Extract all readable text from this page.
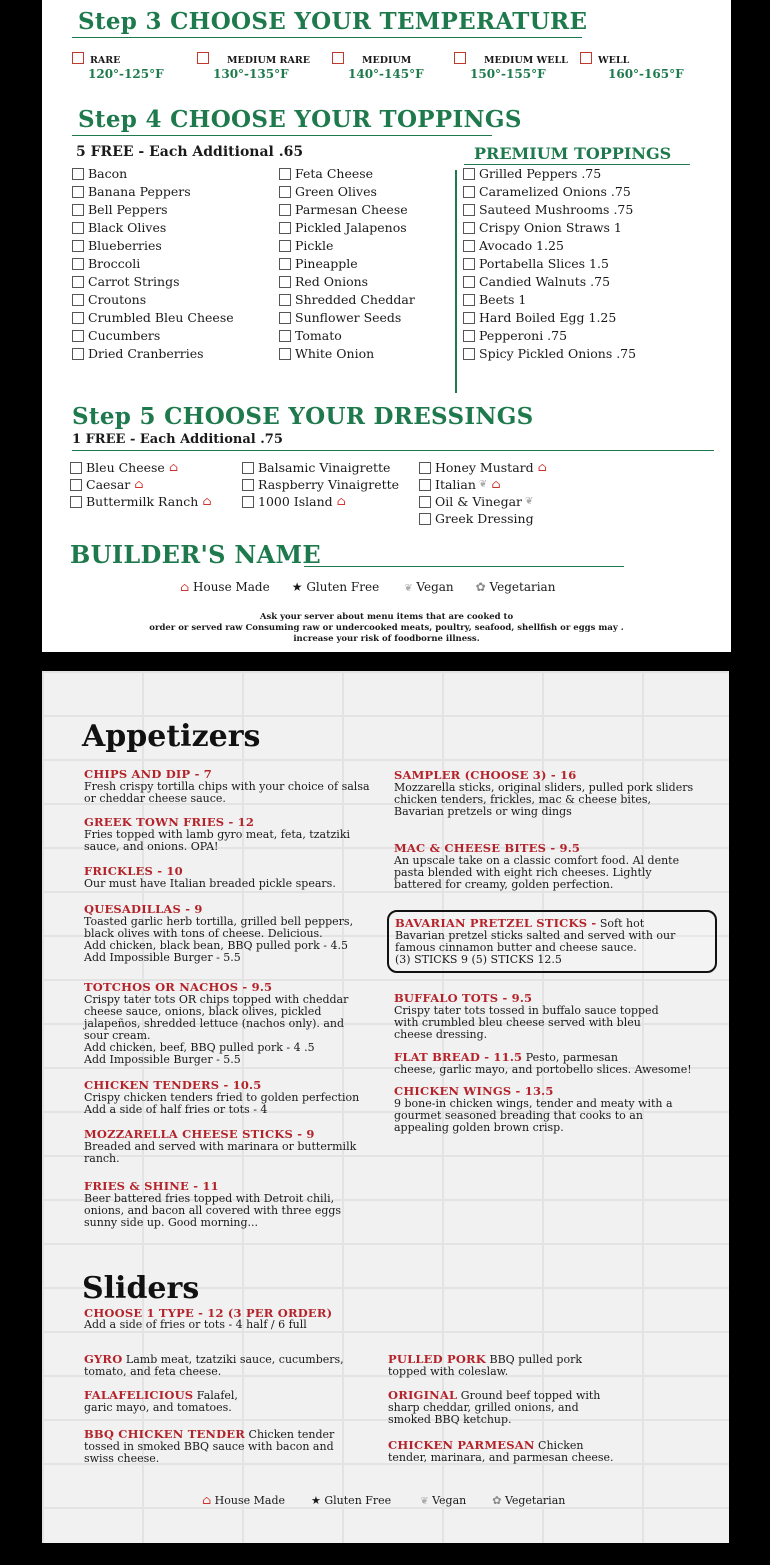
Step 3 CHOOSE YOUR TEMPERATURE
Step 4 CHOOSE YOUR TOPPINGS
5 FREE - Each Additional .65	PREMIUM TOPPINGS
Bacon
Banana Peppers
Bell Peppers
Black Olives
Blueberries
Broccoli
Carrot Strings
Croutons
Crumbled Bleu Cheese
Cucumbers
Dried Cranberries
Feta Cheese
Green Olives
Parmesan Cheese
Pickled Jalapenos
Pickle
Pineapple
Red Onions
Shredded Cheddar
Sunflower Seeds
Tomato
White Onion
Grilled Peppers .75
Caramelized Onions .75
Sauteed Mushrooms .75
Crispy Onion Straws 1
Avocado 1.25
Portabella Slices 1.5
Candied Walnuts .75
Beets 1
Hard Boiled Egg 1.25
Pepperoni .75
Spicy Pickled Onions .75
Step 5 CHOOSE YOUR DRESSINGS
1 FREE - Each Additional .75
Bleu Cheese ⌂
Caesar ⌂
Buttermilk Ranch ⌂
Balsamic Vinaigrette
Raspberry Vinaigrette
1000 Island ⌂
Honey Mustard ⌂
Italian ❦ ⌂
Oil & Vinegar ❦
Greek Dressing
BUILDER'S NAME
⌂ House Made ★ Gluten Free	❦ Vegan ✿ Vegetarian
Ask your server about menu items that are cooked to
order or served raw Consuming raw or undercooked meats, poultry, seafood, shellfish or eggs may .
increase your risk of foodborne illness.
RARE
120°-125°F
MEDIUM RARE
130°-135°F
MEDIUM
140°-145°F
MEDIUM WELL
150°-155°F
WELL
160°-165°F
Appetizers
Sliders
CHOOSE 1 TYPE - 12 (3 PER ORDER)
Add a side of fries or tots - 4 half / 6 full
⌂ House Made ★ Gluten Free	❦ Vegan ✿ Vegetarian
CHIPS AND DIP - 7
Fresh crispy tortilla chips with your choice of salsa
or cheddar cheese sauce.
GREEK TOWN FRIES - 12
Fries topped with lamb gyro meat, feta, tzatziki
sauce, and onions. OPA!
FRICKLES - 10
Our must have Italian breaded pickle spears.
QUESADILLAS - 9
Toasted garlic herb tortilla, grilled bell peppers,
black olives with tons of cheese. Delicious.
Add chicken, black bean, BBQ pulled pork - 4.5
Add Impossible Burger - 5.5
TOTCHOS OR NACHOS - 9.5
Crispy tater tots OR chips topped with cheddar
cheese sauce, onions, black olives, pickled
jalapeños, shredded lettuce (nachos only). and
sour cream.
Add chicken, beef, BBQ pulled pork - 4 .5
Add Impossible Burger - 5.5
CHICKEN TENDERS - 10.5
Crispy chicken tenders fried to golden perfection
Add a side of half fries or tots - 4
MOZZARELLA CHEESE STICKS - 9
Breaded and served with marinara or buttermilk
ranch.
FRIES & SHINE - 11
Beer battered fries topped with Detroit chili,
onions, and bacon all covered with three eggs
sunny side up. Good morning...
SAMPLER (CHOOSE 3) - 16
Mozzarella sticks, original sliders, pulled pork sliders
chicken tenders, frickles, mac & cheese bites,
Bavarian pretzels or wing dings
MAC & CHEESE BITES - 9.5
An upscale take on a classic comfort food. Al dente
pasta blended with eight rich cheeses. Lightly
battered for creamy, golden perfection.
BAVARIAN PRETZEL STICKS - Soft hot
Bavarian pretzel sticks salted and served with our
famous cinnamon butter and cheese sauce.
(3) STICKS 9 (5) STICKS 12.5
BUFFALO TOTS - 9.5
Crispy tater tots tossed in buffalo sauce topped
with crumbled bleu cheese served with bleu
cheese dressing.
FLAT BREAD - 11.5 Pesto, parmesan
cheese, garlic mayo, and portobello slices. Awesome!
CHICKEN WINGS - 13.5
9 bone-in chicken wings, tender and meaty with a
gourmet seasoned breading that cooks to an
appealing golden brown crisp.
GYRO Lamb meat, tzatziki sauce, cucumbers,
tomato, and feta cheese.
FALAFELICIOUS Falafel,
garic mayo, and tomatoes.
BBQ CHICKEN TENDER Chicken tender
tossed in smoked BBQ sauce with bacon and
swiss cheese.
PULLED PORK BBQ pulled pork
topped with coleslaw.
ORIGINAL Ground beef topped with
sharp cheddar, grilled onions, and
smoked BBQ ketchup.
CHICKEN PARMESAN Chicken
tender, marinara, and parmesan cheese.
